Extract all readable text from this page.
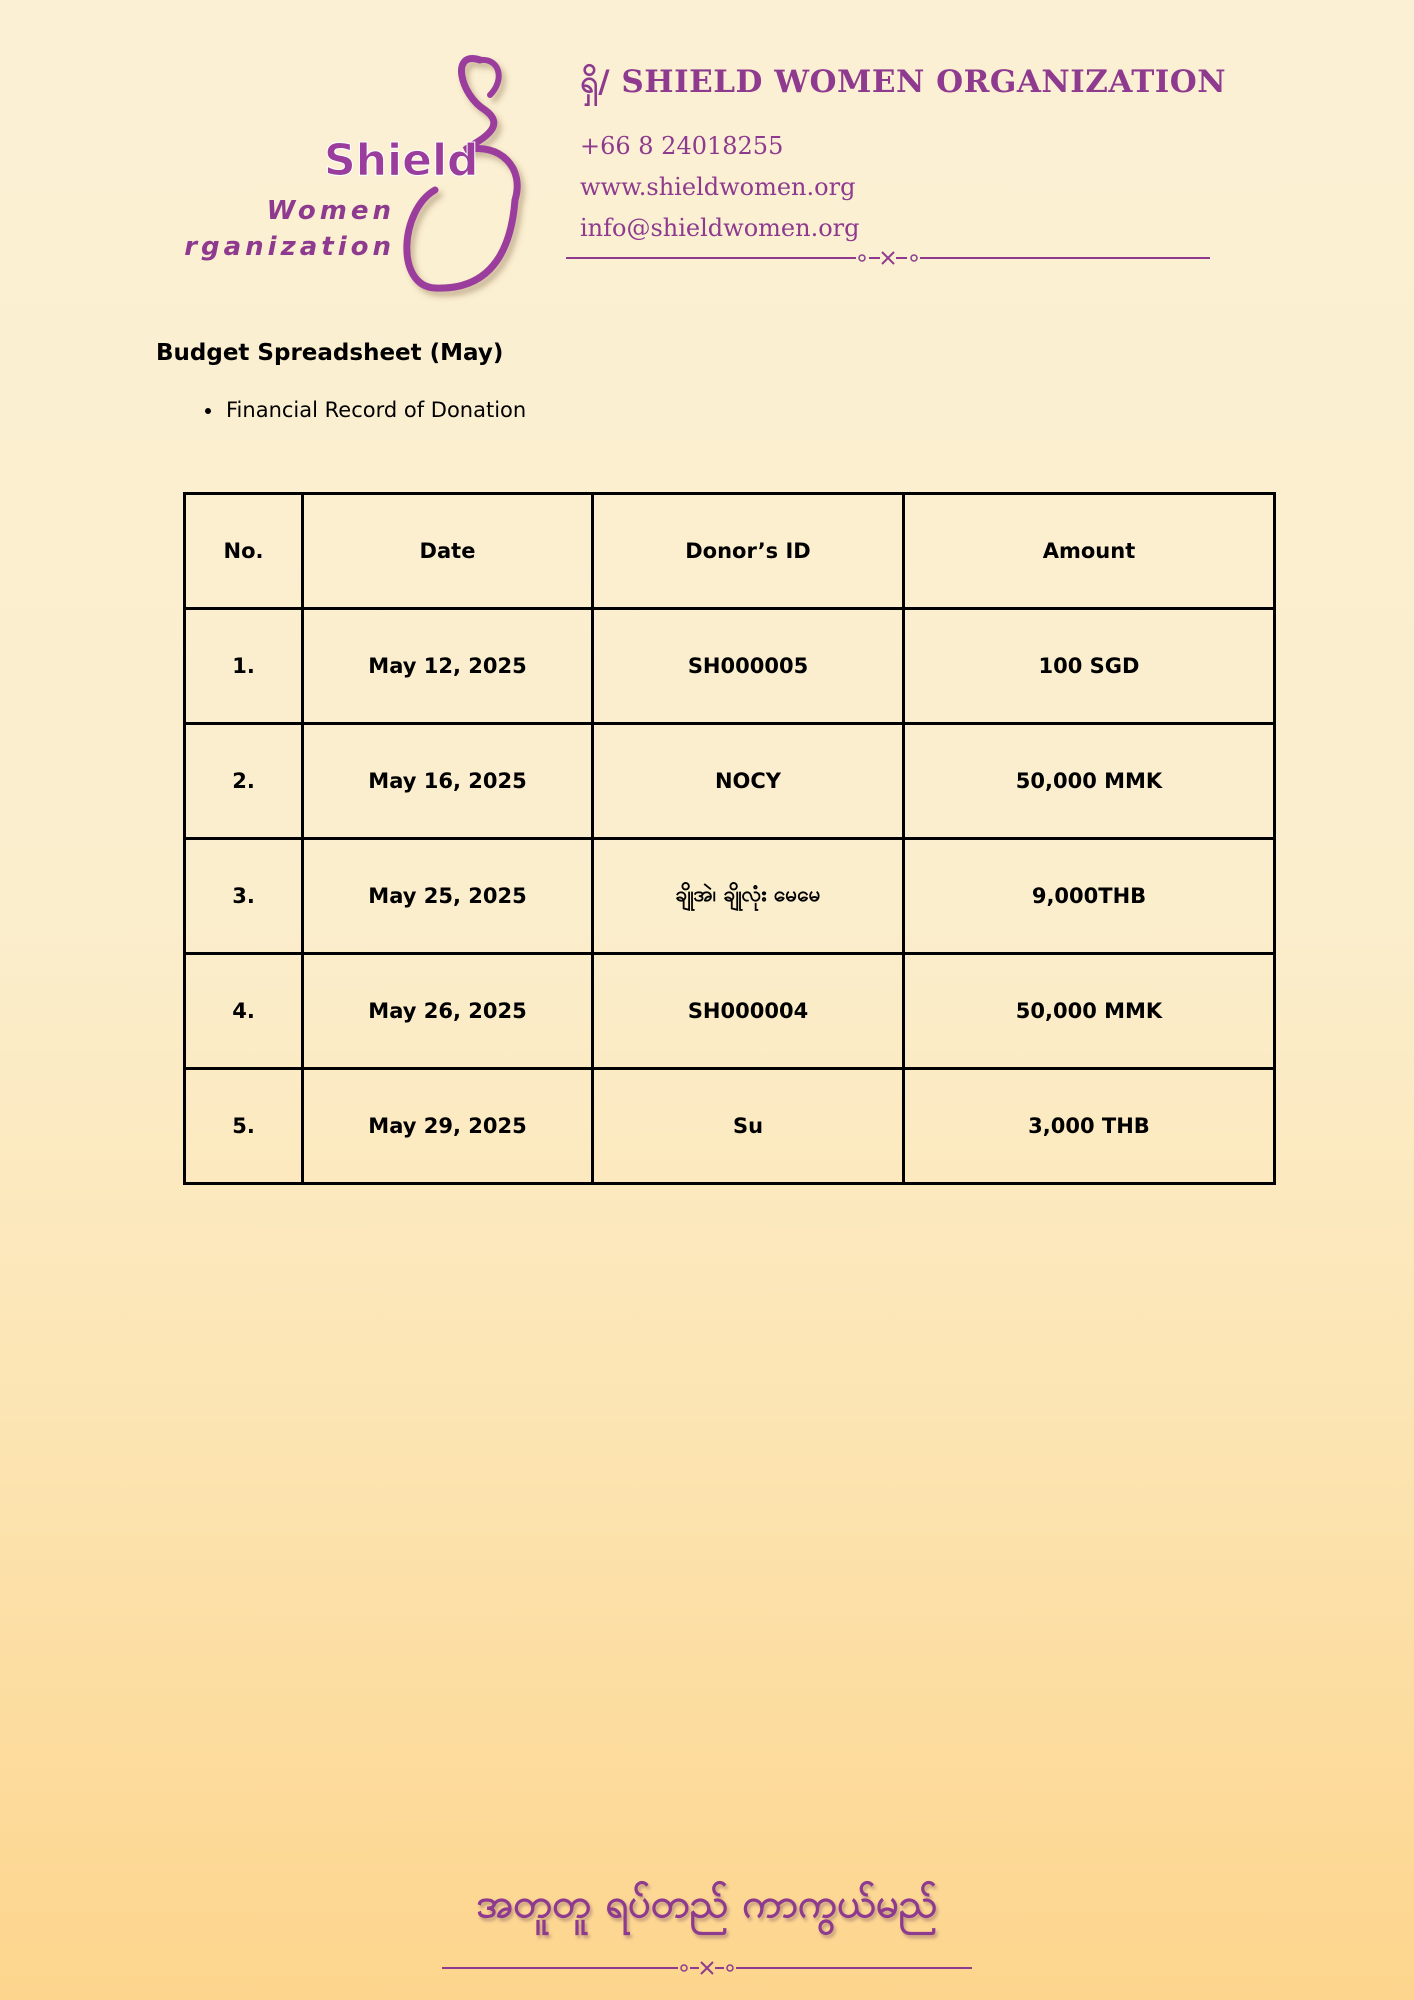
Shield
Women
Organization
ရှိ/ SHIELD WOMEN ORGANIZATION
+66 8 24018255
www.shieldwomen.org
info@shieldwomen.org
Budget Spreadsheet (May)
• Financial Record of Donation
No.	Date	Donor’s ID	Amount
1.	May 12, 2025	SH000005	100 SGD
2.	May 16, 2025	NOCY	50,000 MMK
3.	May 25, 2025	ချိုအဲ၊ ချိုလုံး မေမေ	9,000THB
4.	May 26, 2025	SH000004	50,000 MMK
5.	May 29, 2025	Su	3,000 THB
အတူတူ ရပ်တည် ကာကွယ်မည်
